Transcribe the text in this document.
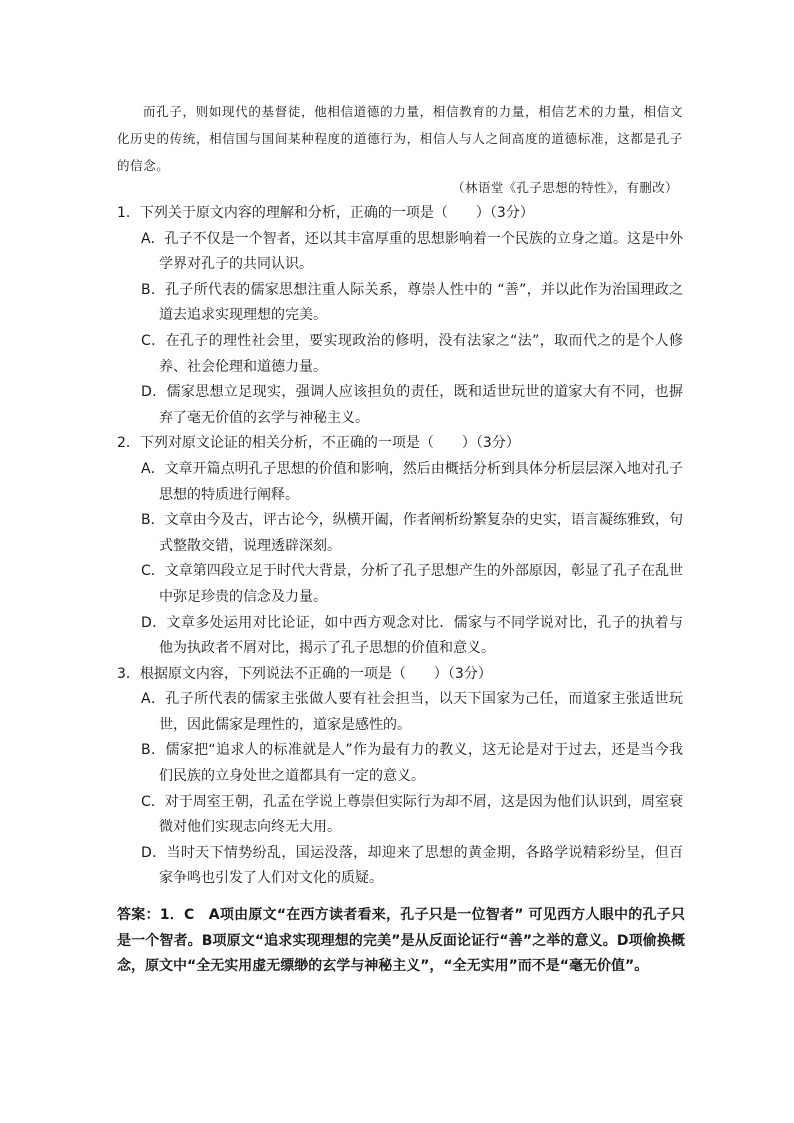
而孔子，则如现代的基督徒，他相信道德的力量，相信教育的力量，相信艺术的力量，相信文化历史的传统，相信国与国间某种程度的道德行为，相信人与人之间高度的道德标准，这都是孔子的信念。

（林语堂《孔子思想的特性》，有删改）

1．下列关于原文内容的理解和分析，正确的一项是（　　）（3分）

A．孔子不仅是一个智者，还以其丰富厚重的思想影响着一个民族的立身之道。这是中外学界对孔子的共同认识。

B．孔子所代表的儒家思想注重人际关系，尊崇人性中的 “善”，并以此作为治国理政之道去追求实现理想的完美。

C．在孔子的理性社会里，要实现政治的修明，没有法家之“法”，取而代之的是个人修养、社会伦理和道德力量。

D．儒家思想立足现实，强调人应该担负的责任，既和适世玩世的道家大有不同，也摒弃了毫无价值的玄学与神秘主义。

2．下列对原文论证的相关分析，不正确的一项是（　　）（3分）

A．文章开篇点明孔子思想的价值和影响，然后由概括分析到具体分析层层深入地对孔子思想的特质进行阐释。

B．文章由今及古，评古论今，纵横开阖，作者阐析纷繁复杂的史实，语言凝练雅致，句式整散交错，说理透辟深刻。

C．文章第四段立足于时代大背景，分析了孔子思想产生的外部原因，彰显了孔子在乱世中弥足珍贵的信念及力量。

D．文章多处运用对比论证，如中西方观念对比．儒家与不同学说对比，孔子的执着与他为执政者不屑对比，揭示了孔子思想的价值和意义。

3．根据原文内容，下列说法不正确的一项是（　　）（3分）

A．孔子所代表的儒家主张做人要有社会担当，以天下国家为己任，而道家主张适世玩世，因此儒家是理性的，道家是感性的。

B．儒家把“追求人的标准就是人”作为最有力的教义，这无论是对于过去，还是当今我们民族的立身处世之道都具有一定的意义。

C．对于周室王朝，孔孟在学说上尊崇但实际行为却不屑，这是因为他们认识到，周室衰微对他们实现志向终无大用。

D．当时天下情势纷乱，国运没落，却迎来了思想的黄金期，各路学说精彩纷呈，但百家争鸣也引发了人们对文化的质疑。

答案：1．C　A项由原文“在西方读者看来，孔子只是一位智者” 可见西方人眼中的孔子只是一个智者。B项原文“追求实现理想的完美”是从反面论证行“善”之举的意义。D项偷换概念，原文中“全无实用虚无缥缈的玄学与神秘主义”，“全无实用”而不是“毫无价值”。
